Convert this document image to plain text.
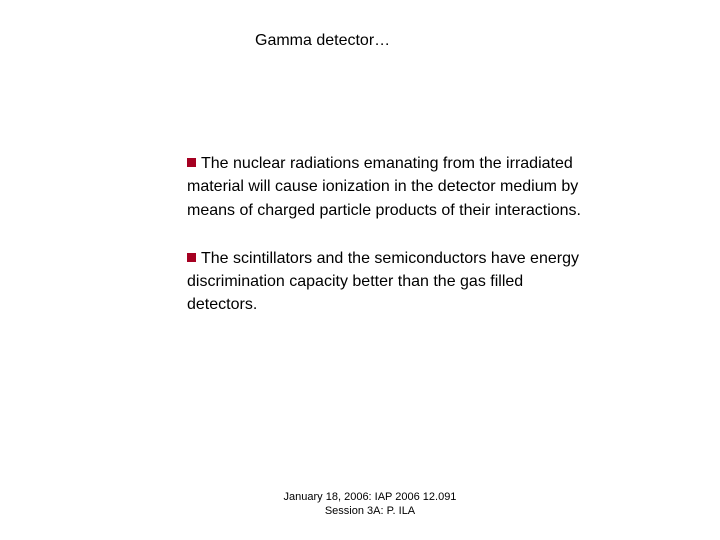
Gamma detector…
The nuclear radiations emanating from the irradiated material will cause ionization in the detector medium by means of charged particle products of their interactions.
The scintillators and the semiconductors have energy discrimination capacity better than the gas filled detectors.
January 18, 2006: IAP 2006 12.091
Session 3A: P. ILA
